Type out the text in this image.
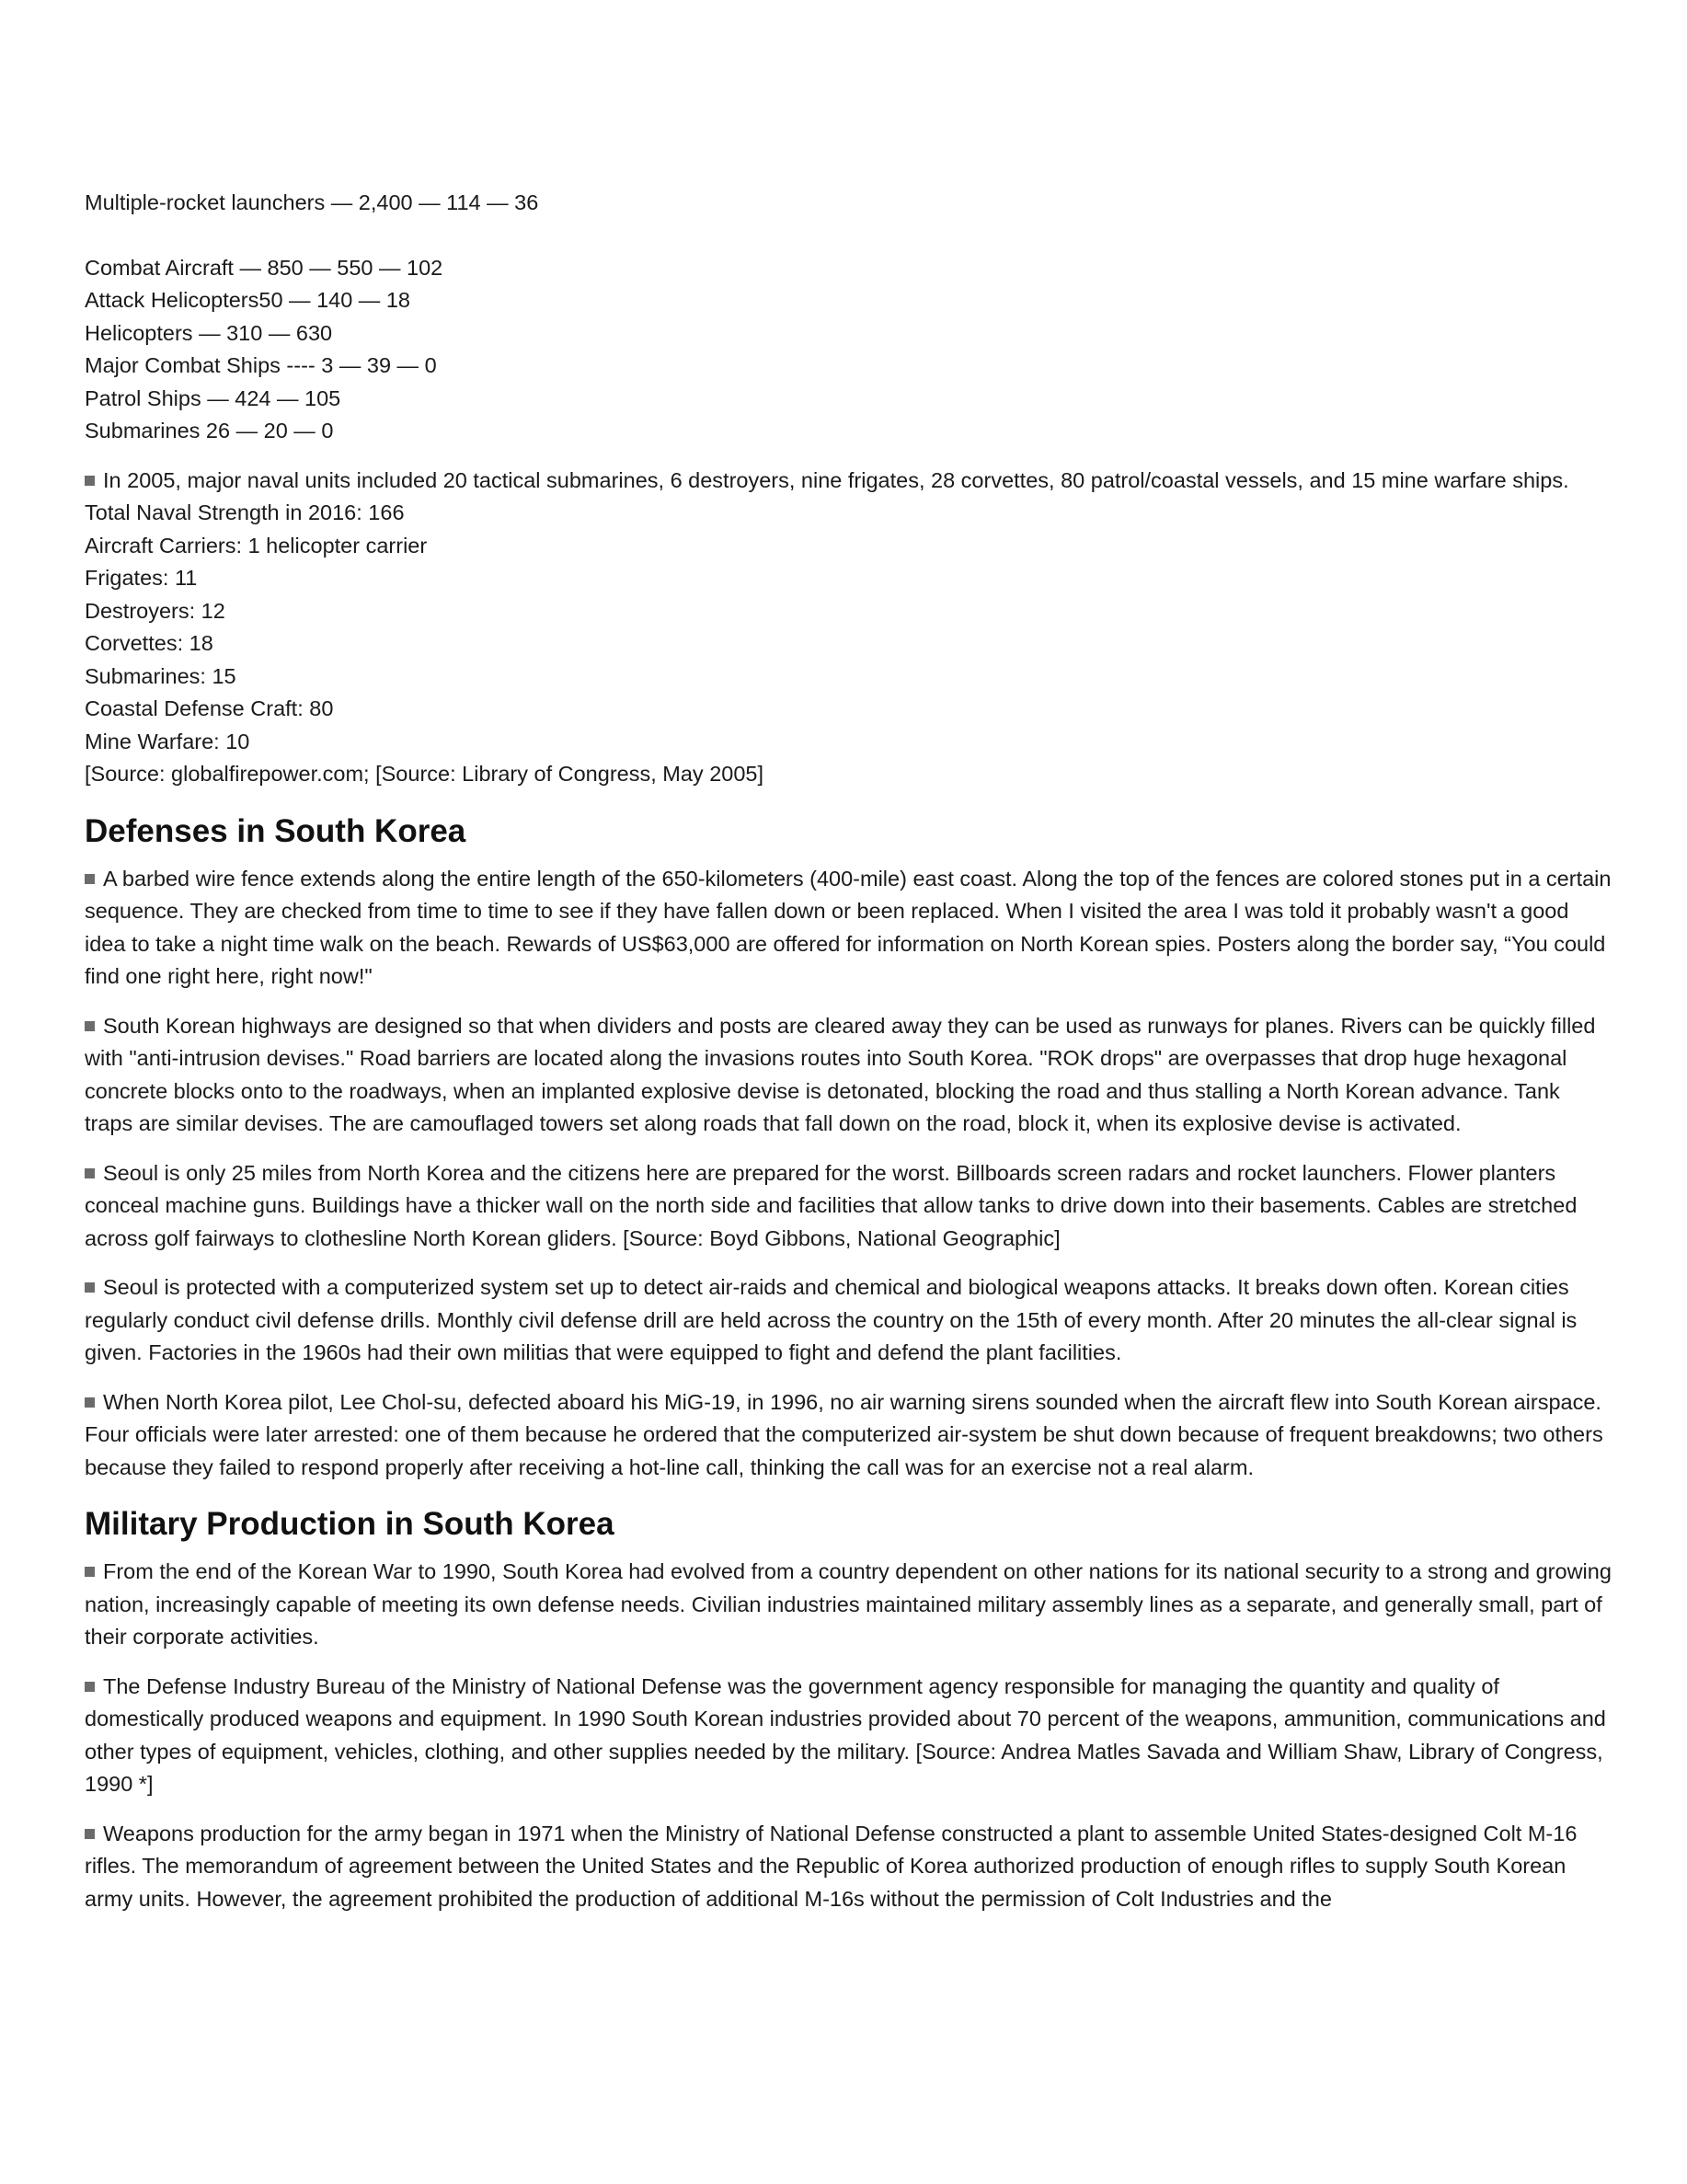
Multiple-rocket launchers — 2,400 — 114 — 36
Combat Aircraft — 850 — 550 — 102
Attack Helicopters50 — 140 — 18
Helicopters — 310 — 630
Major Combat Ships ---- 3 — 39 — 0
Patrol Ships — 424 — 105
Submarines 26 — 20 — 0
In 2005, major naval units included 20 tactical submarines, 6 destroyers, nine frigates, 28 corvettes, 80 patrol/coastal vessels, and 15 mine warfare ships.
Total Naval Strength in 2016: 166
Aircraft Carriers: 1 helicopter carrier
Frigates: 11
Destroyers: 12
Corvettes: 18
Submarines: 15
Coastal Defense Craft: 80
Mine Warfare: 10
[Source: globalfirepower.com; [Source: Library of Congress, May 2005]
Defenses in South Korea

A barbed wire fence extends along the entire length of the 650-kilometers (400-mile) east coast. Along the top of the fences are colored stones put in a certain sequence. They are checked from time to time to see if they have fallen down or been replaced. When I visited the area I was told it probably wasn't a good idea to take a night time walk on the beach. Rewards of US$63,000 are offered for information on North Korean spies. Posters along the border say, “You could find one right here, right now!"

South Korean highways are designed so that when dividers and posts are cleared away they can be used as runways for planes. Rivers can be quickly filled with "anti-intrusion devises." Road barriers are located along the invasions routes into South Korea. "ROK drops" are overpasses that drop huge hexagonal concrete blocks onto to the roadways, when an implanted explosive devise is detonated, blocking the road and thus stalling a North Korean advance. Tank traps are similar devises. The are camouflaged towers set along roads that fall down on the road, block it, when its explosive devise is activated.

Seoul is only 25 miles from North Korea and the citizens here are prepared for the worst. Billboards screen radars and rocket launchers. Flower planters conceal machine guns. Buildings have a thicker wall on the north side and facilities that allow tanks to drive down into their basements. Cables are stretched across golf fairways to clothesline North Korean gliders. [Source: Boyd Gibbons, National Geographic]

Seoul is protected with a computerized system set up to detect air-raids and chemical and biological weapons attacks. It breaks down often. Korean cities regularly conduct civil defense drills. Monthly civil defense drill are held across the country on the 15th of every month. After 20 minutes the all-clear signal is given. Factories in the 1960s had their own militias that were equipped to fight and defend the plant facilities.

When North Korea pilot, Lee Chol-su, defected aboard his MiG-19, in 1996, no air warning sirens sounded when the aircraft flew into South Korean airspace. Four officials were later arrested: one of them because he ordered that the computerized air-system be shut down because of frequent breakdowns; two others because they failed to respond properly after receiving a hot-line call, thinking the call was for an exercise not a real alarm.

Military Production in South Korea

From the end of the Korean War to 1990, South Korea had evolved from a country dependent on other nations for its national security to a strong and growing nation, increasingly capable of meeting its own defense needs. Civilian industries maintained military assembly lines as a separate, and generally small, part of their corporate activities.

The Defense Industry Bureau of the Ministry of National Defense was the government agency responsible for managing the quantity and quality of domestically produced weapons and equipment. In 1990 South Korean industries provided about 70 percent of the weapons, ammunition, communications and other types of equipment, vehicles, clothing, and other supplies needed by the military. [Source: Andrea Matles Savada and William Shaw, Library of Congress, 1990 *]

Weapons production for the army began in 1971 when the Ministry of National Defense constructed a plant to assemble United States-designed Colt M-16 rifles. The memorandum of agreement between the United States and the Republic of Korea authorized production of enough rifles to supply South Korean army units. However, the agreement prohibited the production of additional M-16s without the permission of Colt Industries and the
